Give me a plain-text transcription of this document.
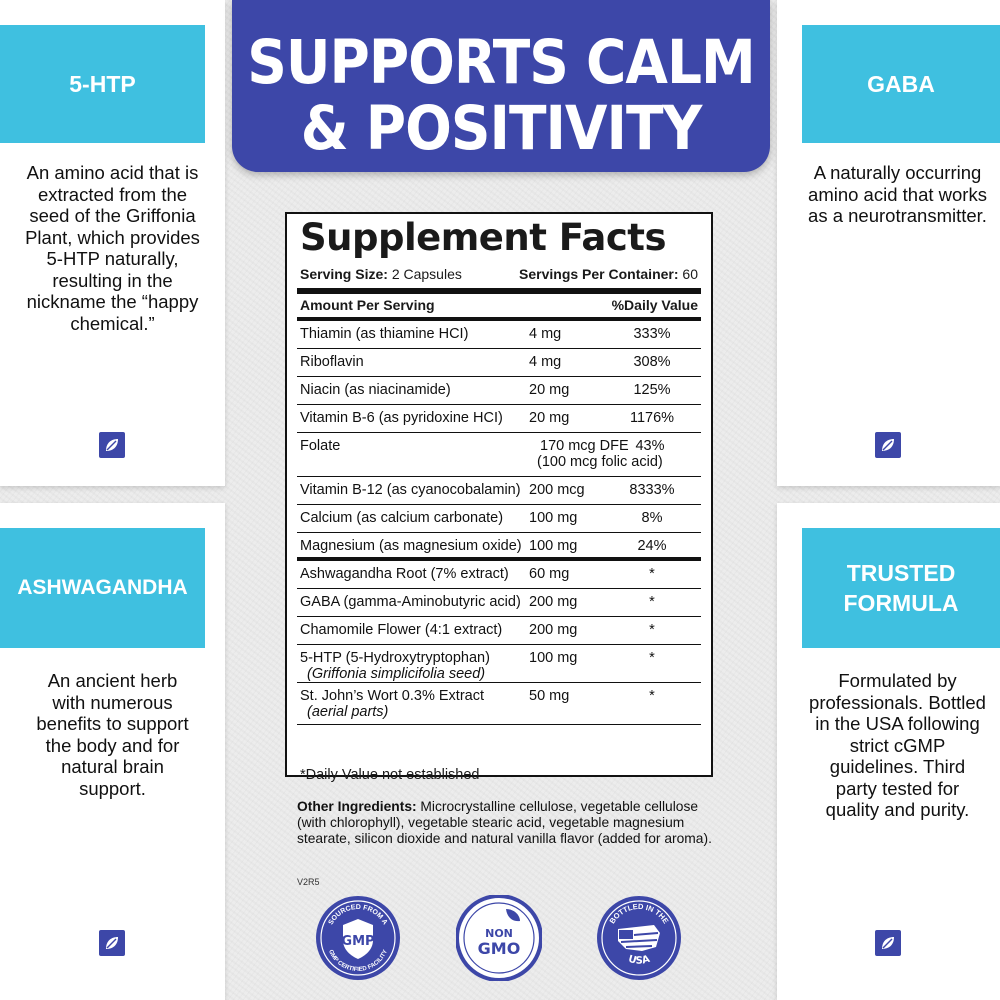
5-HTP
An amino acid that is extracted from the seed of the Griffonia Plant, which provides 5-HTP naturally, resulting in the nickname the “happy chemical.”
GABA
A naturally occurring amino acid that works as a neurotransmitter.
ASHWAGANDHA
An ancient herb with numerous benefits to support the body and for natural brain support.
TRUSTED
FORMULA
Formulated by professionals. Bottled in the USA following strict cGMP guidelines. Third party tested for quality and purity.
SUPPORTS CALM
& POSITIVITY
Supplement Facts
Serving Size: 2 Capsules	Servings Per Container: 60
Amount Per Serving	%Daily Value
Thiamin (as thiamine HCI)	4 mg	333%
Riboflavin	4 mg	308%
Niacin (as niacinamide)	20 mg	125%
Vitamin B-6 (as pyridoxine HCI) 20 mg	1176%
Folate	170 mcg DFE 43%
(100 mcg folic acid)
Vitamin B-12 (as cyanocobalamin) 200 mcg	8333%
Calcium (as calcium carbonate) 100 mg	8%
Magnesium (as magnesium oxide) 100 mg	24%
Ashwagandha Root (7% extract) 60 mg	*
GABA (gamma-Aminobutyric acid) 200 mg	*
Chamomile Flower (4:1 extract) 200 mg	*
5-HTP (5-Hydroxytryptophan)	100 mg	*
(Griffonia simplicifolia seed)
St. John’s Wort 0.3% Extract	50 mg	*
(aerial parts)
*Daily Value not established
Other Ingredients: Microcrystalline cellulose, vegetable cellulose (with chlorophyll), vegetable stearic acid, vegetable magnesium stearate, silicon dioxide and natural vanilla flavor (added for aroma).
V2R5
SOURCED FROM A
GMP CERTIFIED FACILITY
GMP
NON
GMO
BOTTLED IN THE
USA
